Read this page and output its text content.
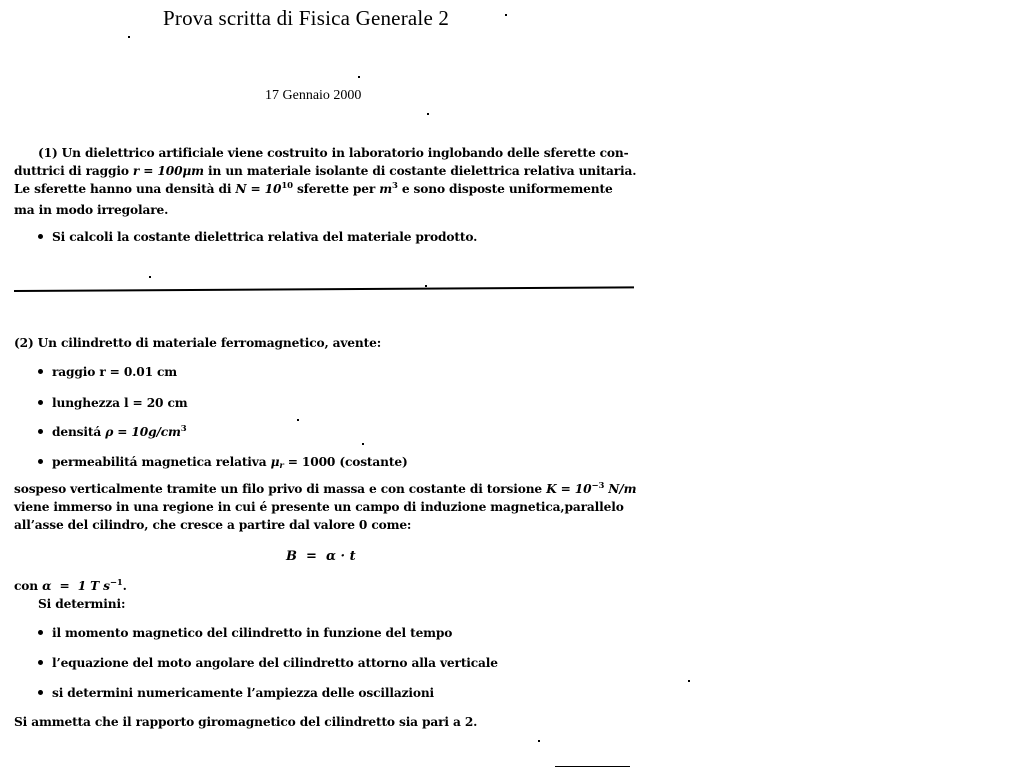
Prova scritta di Fisica Generale 2
17 Gennaio 2000
(1) Un dielettrico artificiale viene costruito in laboratorio inglobando delle sferette con-
duttrici di raggio r = 100μm in un materiale isolante di costante dielettrica relativa unitaria.
Le sferette hanno una densità di $N = 10^{10}$ sferette per $m^3$ e sono disposte uniformemente
ma in modo irregolare.
Si calcoli la costante dielettrica relativa del materiale prodotto.
(2) Un cilindretto di materiale ferromagnetico, avente:
raggio r = 0.01 cm
lunghezza l = 20 cm
densitá $\rho = 10g/cm^3$
permeabilitá magnetica relativa $\mu_r = 1000$ (costante)
sospeso verticalmente tramite un filo privo di massa e con costante di torsione $K = 10^{-3}$ N/m
viene immerso in una regione in cui é presente un campo di induzione magnetica,parallelo
all’asse del cilindro, che cresce a partire dal valore 0 come:
B  =  α · t
con α  =  1 T $s^{-1}$.
Si determini:
il momento magnetico del cilindretto in funzione del tempo
l’equazione del moto angolare del cilindretto attorno alla verticale
si determini numericamente l’ampiezza delle oscillazioni
Si ammetta che il rapporto giromagnetico del cilindretto sia pari a 2.
